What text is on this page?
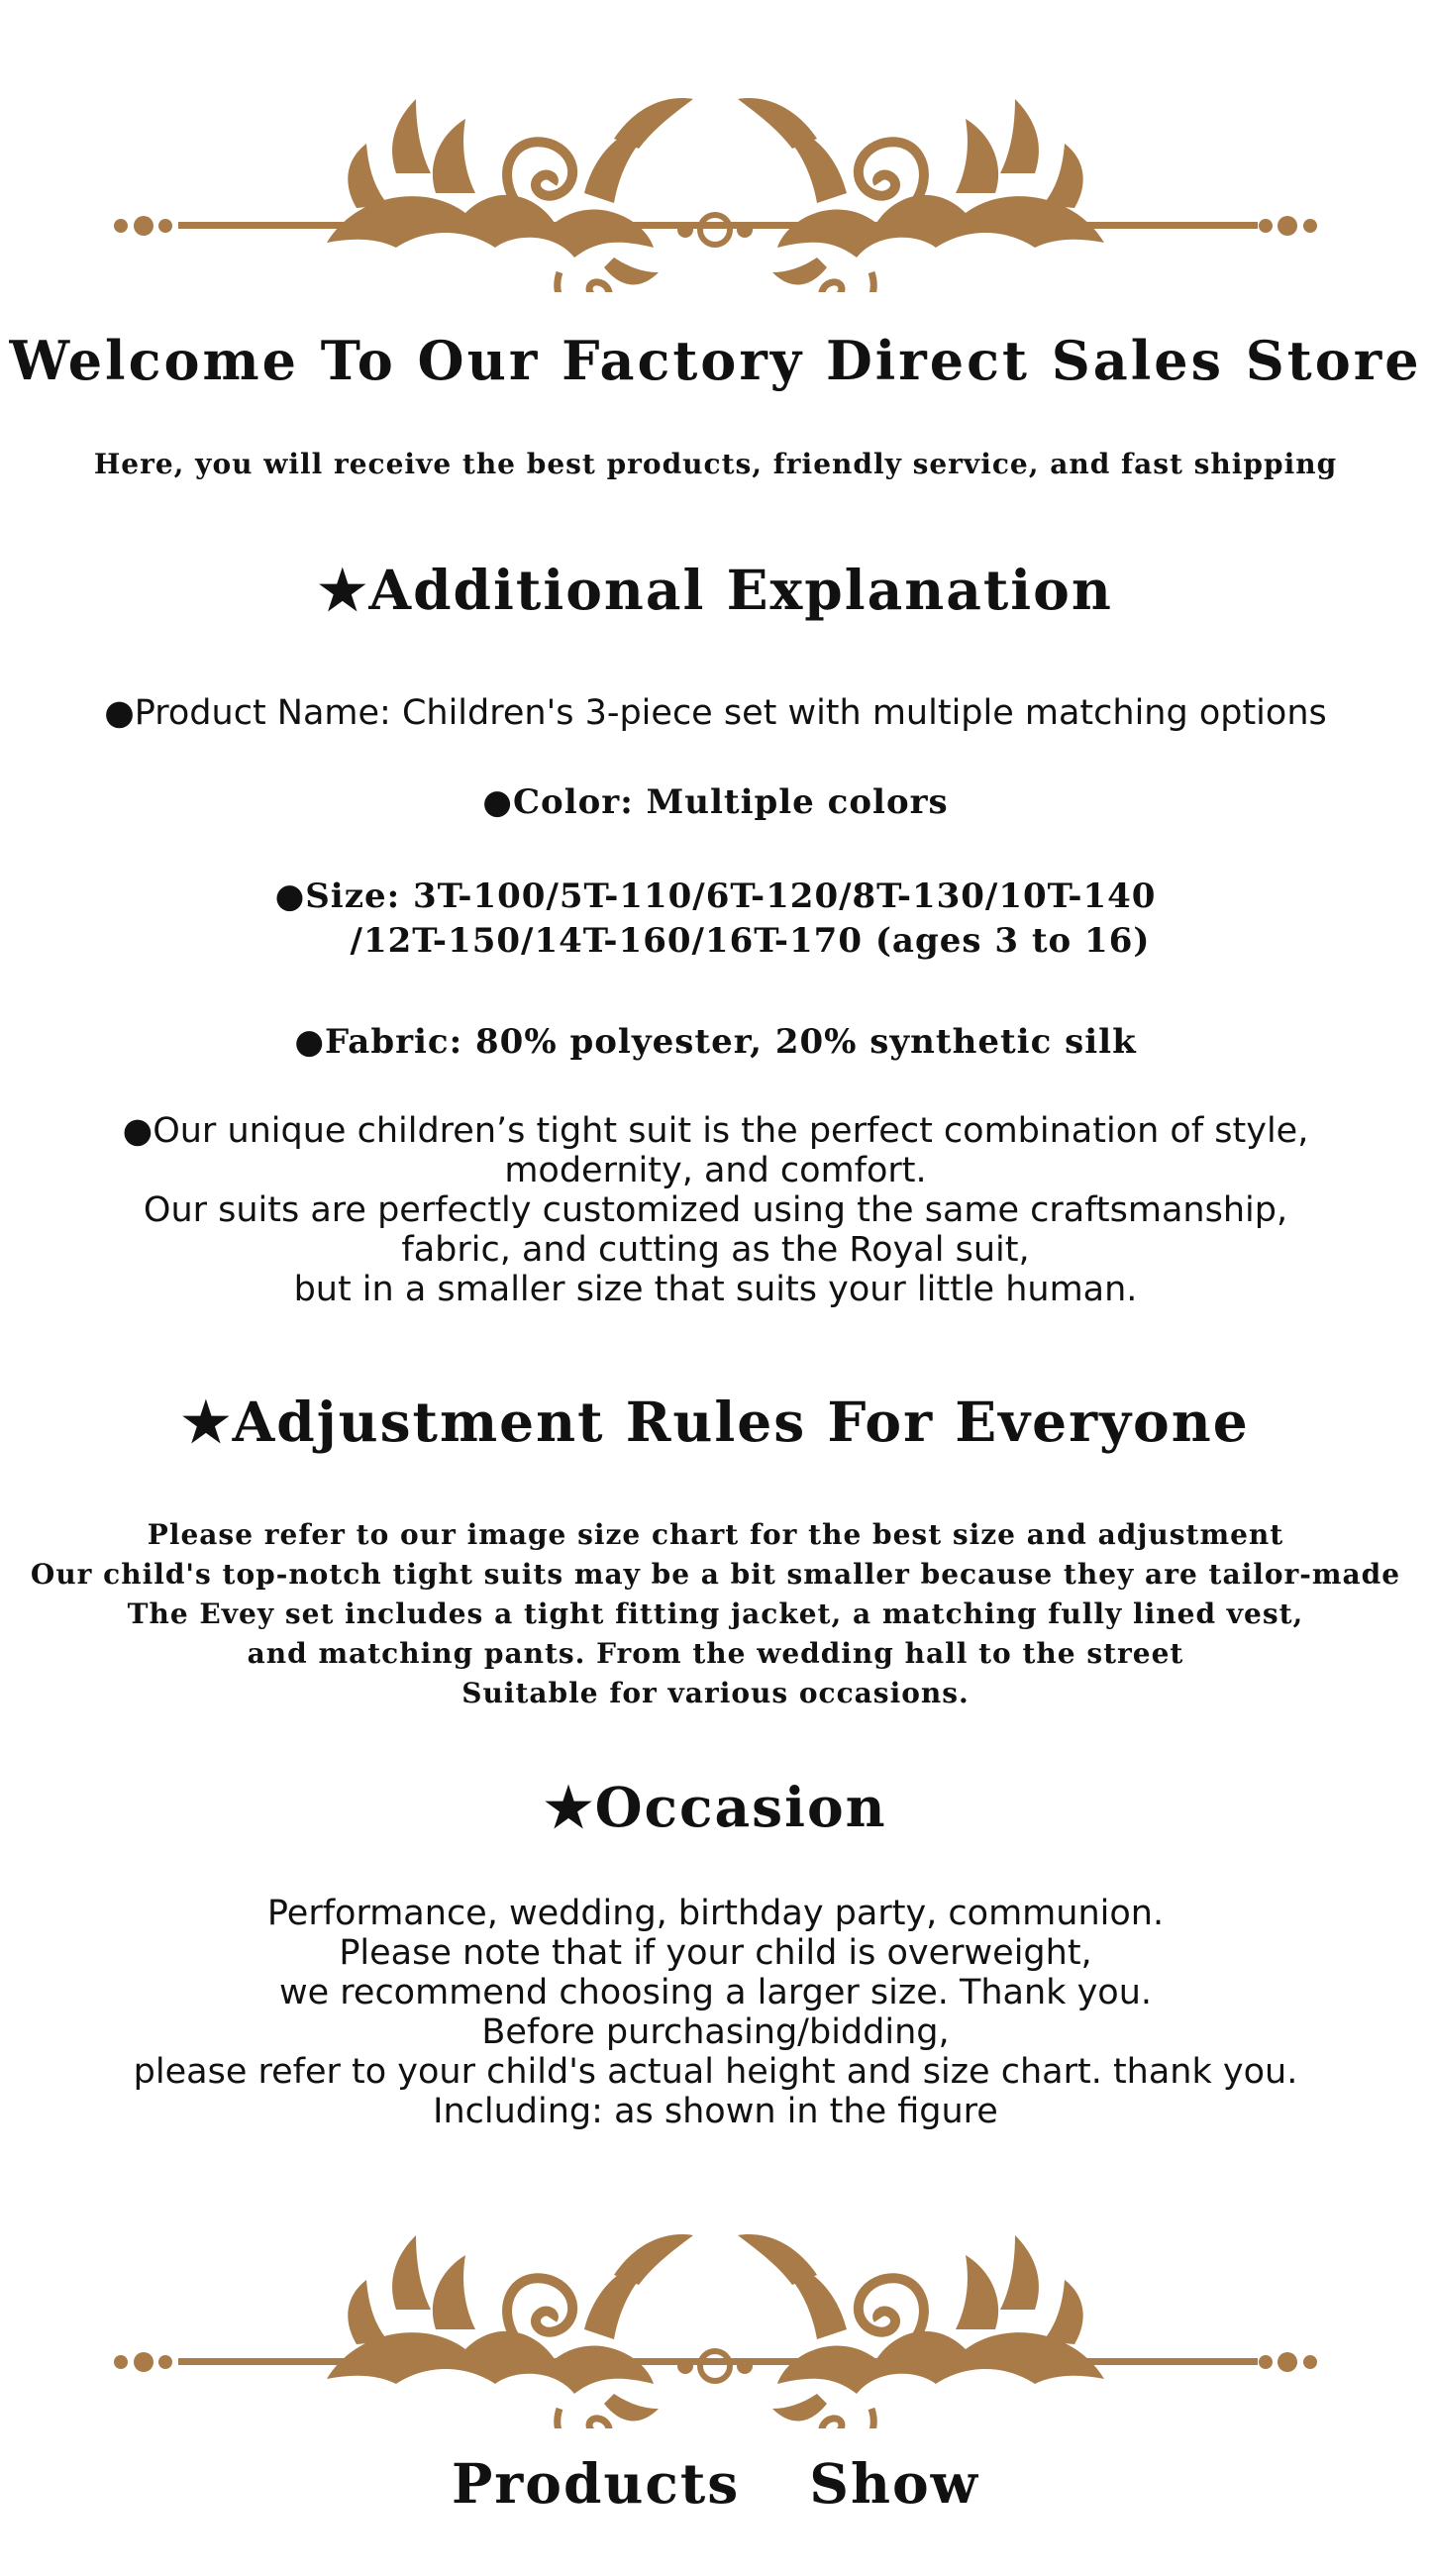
Welcome To Our Factory Direct Sales Store
Here, you will receive the best products, friendly service, and fast shipping
★Additional Explanation
●Product Name: Children's 3-piece set with multiple matching options
●Color: Multiple colors
●Size: 3T-100/5T-110/6T-120/8T-130/10T-140
/12T-150/14T-160/16T-170 (ages 3 to 16)
●Fabric: 80% polyester, 20% synthetic silk

●Our unique children’s tight suit is the perfect combination of style,

modernity, and comfort.

Our suits are perfectly customized using the same craftsmanship,

fabric, and cutting as the Royal suit,

but in a smaller size that suits your little human.

★Adjustment Rules For Everyone

Please refer to our image size chart for the best size and adjustment

Our child's top-notch tight suits may be a bit smaller because they are tailor-made

The Evey set includes a tight fitting jacket, a matching fully lined vest,

and matching pants. From the wedding hall to the street

Suitable for various occasions.

★Occasion

Performance, wedding, birthday party, communion.

Please note that if your child is overweight,

we recommend choosing a larger size. Thank you.

Before purchasing/bidding,

please refer to your child's actual height and size chart. thank you.

Including: as shown in the figure

Products Show
